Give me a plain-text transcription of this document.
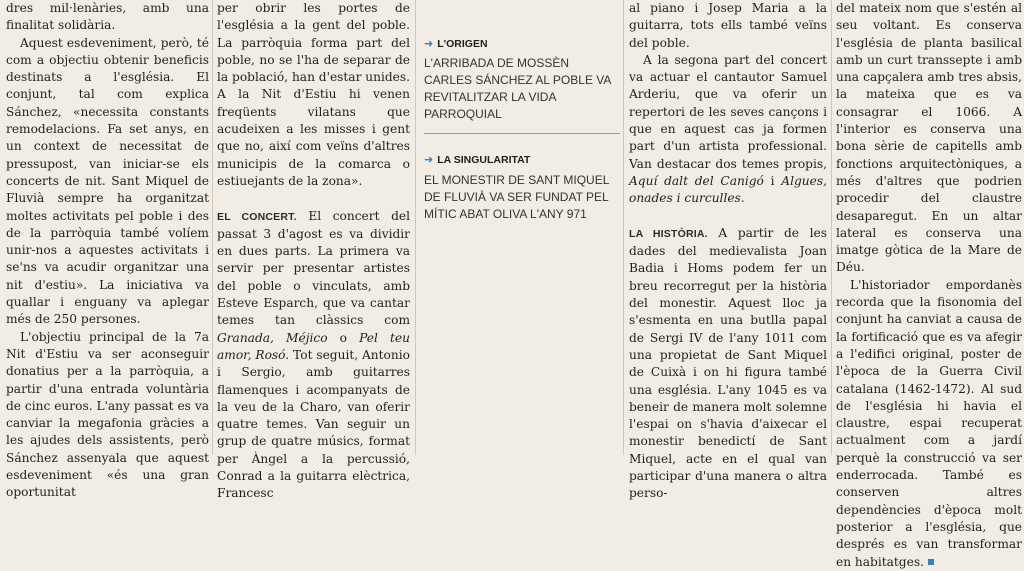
dres mil·lenàries, amb una finalitat solidària.

Aquest esdeveniment, però, té com a objectiu obtenir beneficis destinats a l'església. El conjunt, tal com explica Sánchez, «necessita constants remodelacions. Fa set anys, en un context de necessitat de pressupost, van iniciar-se els concerts de nit. Sant Miquel de Fluvià sempre ha organitzat moltes activitats pel poble i des de la parròquia també volíem unir-nos a aquestes activitats i se'ns va acudir organitzar una nit d'estiu». La iniciativa va quallar i enguany va aplegar més de 250 persones.

L'objectiu principal de la 7a Nit d'Estiu va ser aconseguir donatius per a la parròquia, a partir d'una entrada voluntària de cinc euros. L'any passat es va canviar la megafonia gràcies a les ajudes dels assistents, però Sánchez assenyala que aquest esdeveniment «és una gran oportunitat

per obrir les portes de l'església a la gent del poble. La parròquia forma part del poble, no se l'ha de separar de la població, han d'estar unides. A la Nit d'Estiu hi venen freqüents vilatans que acudeixen a les misses i gent que no, així com veïns d'altres municipis de la comarca o estiuejants de la zona».

EL CONCERT. El concert del passat 3 d'agost es va dividir en dues parts. La primera va servir per presentar artistes del poble o vinculats, amb Esteve Esparch, que va cantar temes tan clàssics com Granada, Méjico o Pel teu amor, Rosó. Tot seguit, Antonio i Sergio, amb guitarres flamenques i acompanyats de la veu de la Charo, van oferir quatre temes. Van seguir un grup de quatre músics, format per Àngel a la percussió, Conrad a la guitarra elèctrica, Francesc

➜ L'ORIGEN
L'ARRIBADA DE MOSSÈN CARLES SÁNCHEZ AL POBLE VA REVITALITZAR LA VIDA PARROQUIAL
➜ LA SINGULARITAT
EL MONESTIR DE SANT MIQUEL DE FLUVIÀ VA SER FUNDAT PEL MÍTIC ABAT OLIVA L'ANY 971

al piano i Josep Maria a la guitarra, tots ells també veïns del poble.

A la segona part del concert va actuar el cantautor Samuel Arderiu, que va oferir un repertori de les seves cançons i que en aquest cas ja formen part d'un artista professional. Van destacar dos temes propis, Aquí dalt del Canigó i Algues, onades i curculles.

LA HISTÒRIA. A partir de les dades del medievalista Joan Badia i Homs podem fer un breu recorregut per la història del monestir. Aquest lloc ja s'esmenta en una butlla papal de Sergi IV de l'any 1011 com una propietat de Sant Miquel de Cuixà i on hi figura també una església. L'any 1045 es va beneir de manera molt solemne l'espai on s'havia d'aixecar el monestir benedictí de Sant Miquel, acte en el qual van participar d'una manera o altra perso-

del mateix nom que s'estén al seu voltant. Es conserva l'església de planta basilical amb un curt transsepte i amb una capçalera amb tres absis, la mateixa que es va consagrar el 1066. A l'interior es conserva una bona sèrie de capitells amb fonctions arquitectòniques, a més d'altres que podrien procedir del claustre desaparegut. En un altar lateral es conserva una imatge gòtica de la Mare de Déu.

L'historiador empordanès recorda que la fisonomia del conjunt ha canviat a causa de la fortificació que es va afegir a l'edifici original, poster de l'època de la Guerra Civil catalana (1462-1472). Al sud de l'església hi havia el claustre, espai recuperat actualment com a jardí perquè la construcció va ser enderrocada. També es conserven altres dependències d'època molt posterior a l'església, que després es van transformar en habitatges.
